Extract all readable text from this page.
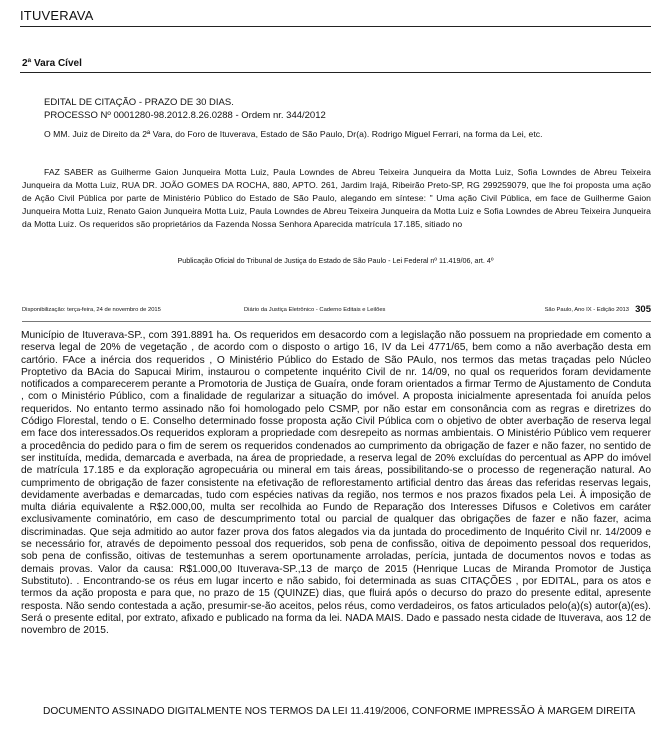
ITUVERAVA
2ª Vara Cível
EDITAL DE CITAÇÃO - PRAZO DE 30 DIAS.
PROCESSO Nº 0001280-98.2012.8.26.0288 - Ordem nr. 344/2012
O MM. Juiz de Direito da 2ª Vara, do Foro de Ituverava, Estado de São Paulo, Dr(a). Rodrigo Miguel Ferrari, na forma da Lei, etc.
FAZ SABER as Guilherme Gaion Junqueira Motta Luiz, Paula Lowndes de Abreu Teixeira Junqueira da Motta Luiz, Sofia Lowndes de Abreu Teixeira Junqueira da Motta Luiz, RUA DR. JOÃO GOMES DA ROCHA, 880, APTO. 261, Jardim Irajá, Ribeirão Preto-SP, RG 299259079, que lhe foi proposta uma ação de Ação Civil Pública por parte de Ministério Público do Estado de São Paulo, alegando em síntese: " Uma ação Civil Pública, em face de Guilherme Gaion Junqueira Motta Luiz, Renato Gaion Junqueira Motta Luiz, Paula Lowndes de Abreu Teixeira Junqueira da Motta Luiz e Sofia Lowndes de Abreu Teixeira Junqueira da Motta Luiz. Os requeridos são proprietários da Fazenda Nossa Senhora Aparecida matrícula 17.185, sitiado no
Publicação Oficial do Tribunal de Justiça do Estado de São Paulo - Lei Federal nº 11.419/06, art. 4º
Disponibilização: terça-feira, 24 de novembro de 2015	Diário da Justiça Eletrônico - Caderno Editais e Leilões	São Paulo, Ano IX - Edição 2013 305
Município de Ituverava-SP., com 391.8891 ha. Os requeridos em desacordo com a legislação não possuem na propriedade em comento a reserva legal de 20% de vegetação , de acordo com o disposto o artigo 16, IV da Lei 4771/65, bem como a não averbação desta em cartório. FAce a inércia dos requeridos , O Ministério Público do Estado de São PAulo, nos termos das metas traçadas pelo Núcleo Proptetivo da BAcia do Sapucai Mirim, instaurou o competente inquérito Civil de nr. 14/09, no qual os requeridos foram devidamente notificados a comparecerem perante a Promotoria de Justiça de Guaíra, onde foram orientados a firmar Termo de Ajustamento de Conduta , com o Ministério Público, com a finalidade de regularizar a situação do imóvel. A proposta inicialmente apresentada foi anuída pelos requeridos. No entanto termo assinado não foi homologado pelo CSMP, por não estar em consonância com as regras e diretrizes do Código Florestal, tendo o E. Conselho determinado fosse proposta ação Civil Pública com o objetivo de obter averbação de reserva legal em face dos interessados.Os requeridos exploram a propriedade com desrepeito as normas ambientais. O Ministério Público vem requerer a procedência do pedido para o fim de serem os requeridos condenados ao cumprimento da obrigação de fazer e não fazer, no sentido de ser instituída, medida, demarcada e averbada, na área de propriedade, a reserva legal de 20% excluídas do percentual as APP do imóvel de matrícula 17.185 e da exploração agropecuária ou mineral em tais áreas, possibilitando-se o processo de regeneração natural. Ao cumprimento de obrigação de fazer consistente na efetivação de reflorestamento artificial dentro das áreas das referidas reservas legais, devidamente averbadas e demarcadas, tudo com espécies nativas da região, nos termos e nos prazos fixados pela Lei. À imposição de multa diária equivalente a R$2.000,00, multa ser recolhida ao Fundo de Reparação dos Interesses Difusos e Coletivos em caráter exclusivamente cominatório, em caso de descumprimento total ou parcial de qualquer das obrigações de fazer e não fazer, acima discriminadas. Que seja admitido ao autor fazer prova dos fatos alegados via da juntada do procedimento de Inquérito Civil nr. 14/2009 e se necessário for, através de depoimento pessoal dos requeridos, sob pena de confissão, oitiva de depoimento pessoal dos requeridos, sob pena de confissão, oitivas de testemunhas a serem oportunamente arroladas, perícia, juntada de documentos novos e todas as demais provas. Valor da causa: R$1.000,00 Ituverava-SP.,13 de março de 2015 (Henrique Lucas de Miranda Promotor de Justiça Substituto). . Encontrando-se os réus em lugar incerto e não sabido, foi determinada as suas CITAÇÕES , por EDITAL, para os atos e termos da ação proposta e para que, no prazo de 15 (QUINZE) dias, que fluirá após o decurso do prazo do presente edital, apresente resposta. Não sendo contestada a ação, presumir-se-ão aceitos, pelos réus, como verdadeiros, os fatos articulados pelo(a)(s) autor(a)(es). Será o presente edital, por extrato, afixado e publicado na forma da lei. NADA MAIS. Dado e passado nesta cidade de Ituverava, aos 12 de novembro de 2015.
DOCUMENTO ASSINADO DIGITALMENTE NOS TERMOS DA LEI 11.419/2006, CONFORME IMPRESSÃO À MARGEM DIREITA
